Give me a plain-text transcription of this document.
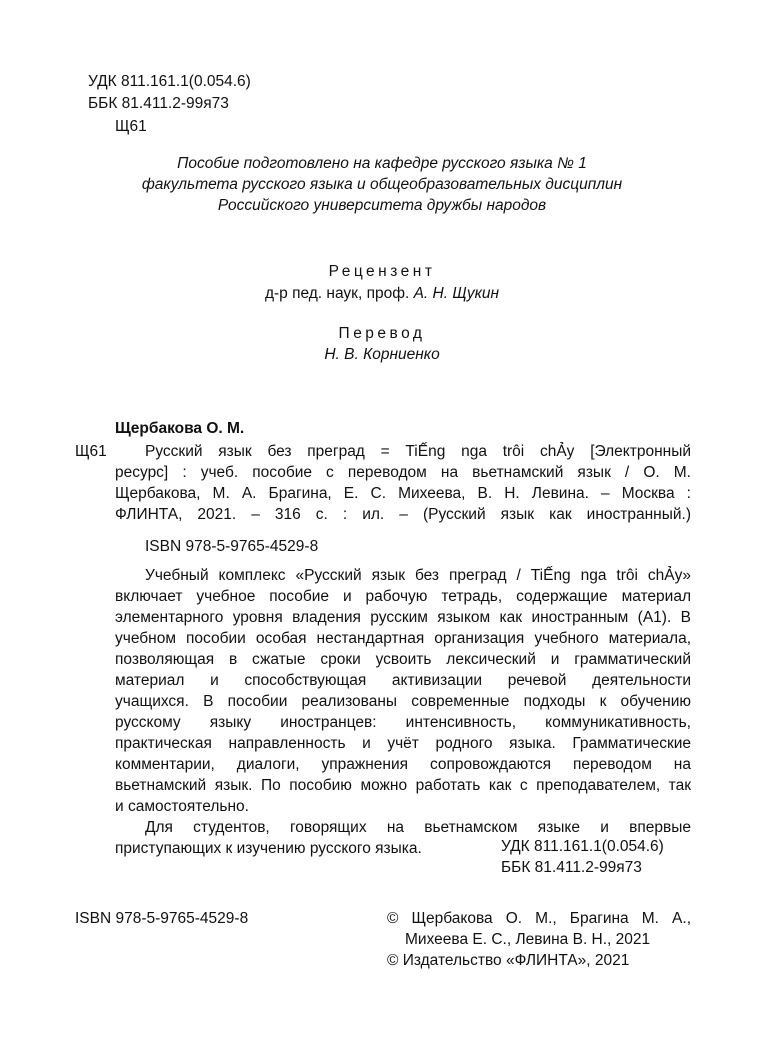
УДК 811.161.1(0.054.6)
ББК 81.411.2-99я73
Щ61
Пособие подготовлено на кафедре русского языка № 1
факультета русского языка и общеобразовательных дисциплин
Российского университета дружбы народов
Рецензент
д-р пед. наук, проф. А. Н. Щукин
Перевод
Н. В. Корниенко
Щербакова О. М.
Щ61	Русский язык без преград = TiẾng nga trôi chẢy [Электронный
ресурс] : учеб. пособие с переводом на вьетнамский язык / О. М.
Щербакова, М. А. Брагина, Е. С. Михеева, В. Н. Левина. – Москва :
ФЛИНТА, 2021. – 316 с. : ил. – (Русский язык как иностранный.)
ISBN 978-5-9765-4529-8
Учебный комплекс «Русский язык без преград / TiẾng nga trôi chẢy»
включает учебное пособие и рабочую тетрадь, содержащие материал
элементарного уровня владения русским языком как иностранным (А1). В
учебном пособии особая нестандартная организация учебного материала,
позволяющая в сжатые сроки усвоить лексический и грамматический
материал и способствующая активизации речевой деятельности
учащихся. В пособии реализованы современные подходы к обучению
русскому языку иностранцев: интенсивность, коммуникативность,
практическая направленность и учёт родного языка. Грамматические
комментарии, диалоги, упражнения сопровождаются переводом на
вьетнамский язык. По пособию можно работать как с преподавателем, так
и самостоятельно.
Для студентов, говорящих на вьетнамском языке и впервые
приступающих к изучению русского языка.	УДК 811.161.1(0.054.6)
ББК 81.411.2-99я73
ISBN 978-5-9765-4529-8	© Щербакова О. М., Брагина М. А.,
Михеева Е. С., Левина В. Н., 2021
© Издательство «ФЛИНТА», 2021
